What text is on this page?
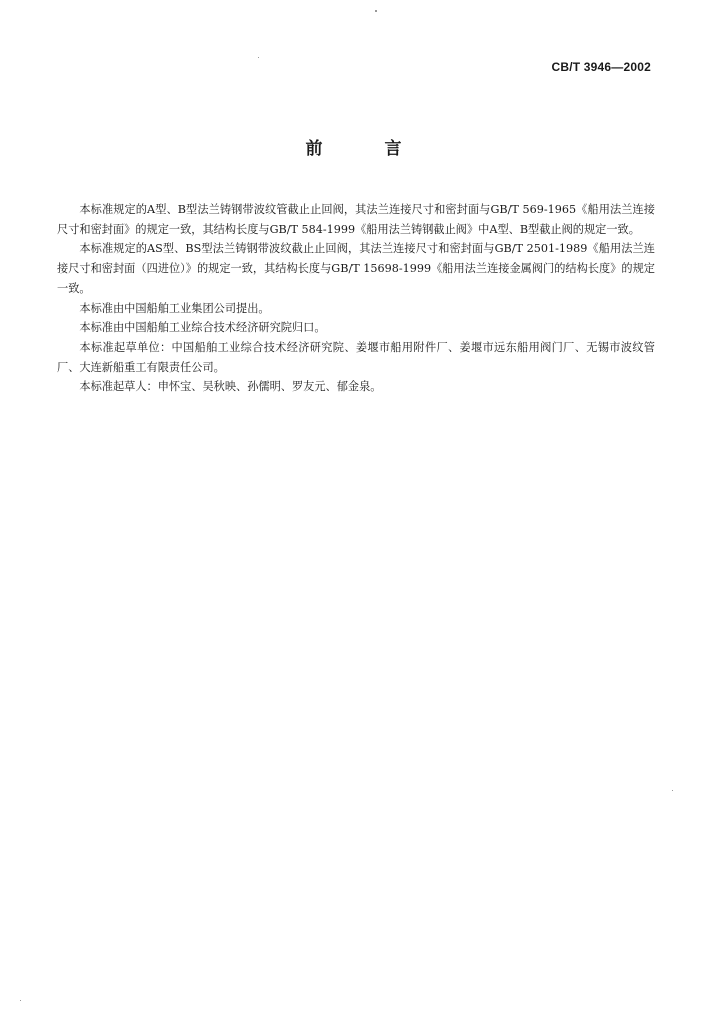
CB/T 3946—2002
前 言

本标准规定的A型、B型法兰铸钢带波纹管截止止回阀，其法兰连接尺寸和密封面与GB/T 569-1965《船用法兰连接尺寸和密封面》的规定一致，其结构长度与GB/T 584-1999《船用法兰铸钢截止阀》中A型、B型截止阀的规定一致。

本标准规定的AS型、BS型法兰铸钢带波纹截止止回阀，其法兰连接尺寸和密封面与GB/T 2501-1989《船用法兰连接尺寸和密封面（四进位）》的规定一致，其结构长度与GB/T 15698-1999《船用法兰连接金属阀门的结构长度》的规定一致。

本标准由中国船舶工业集团公司提出。

本标准由中国船舶工业综合技术经济研究院归口。

本标准起草单位：中国船舶工业综合技术经济研究院、姜堰市船用附件厂、姜堰市远东船用阀门厂、无锡市波纹管厂、大连新船重工有限责任公司。

本标准起草人：申怀宝、吴秋映、孙儒明、罗友元、郁金泉。
